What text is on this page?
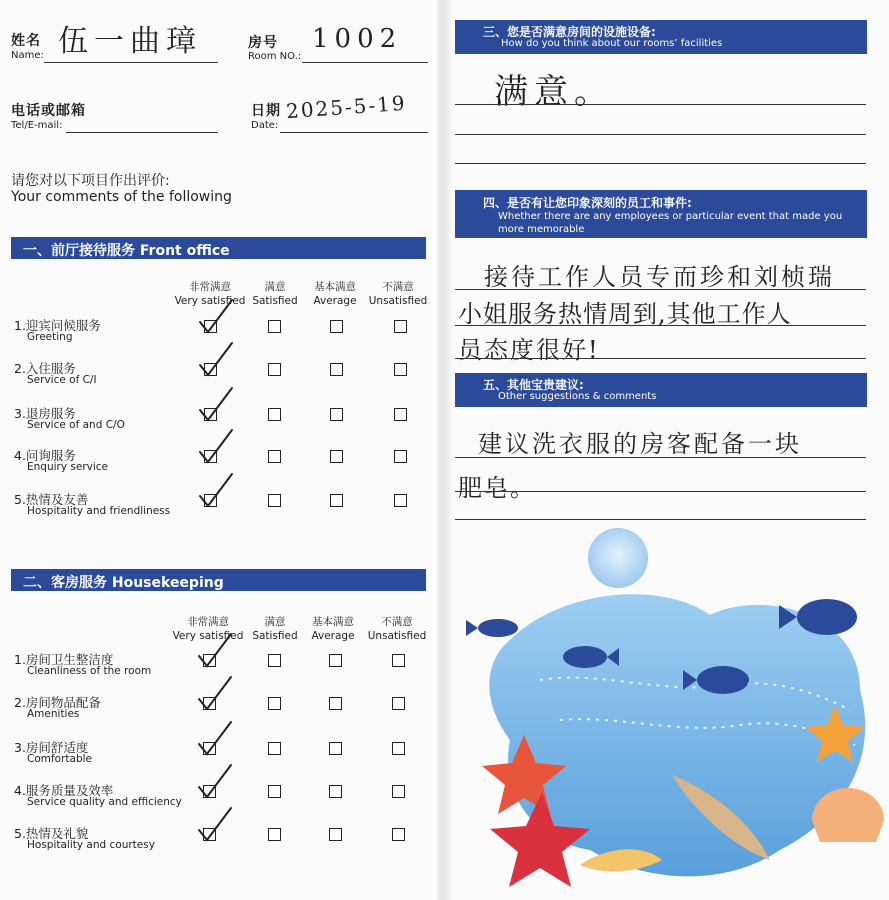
姓名
Name: 伍一曲璋	房号
Room NO.:
1002
电话或邮箱
Tel/E-mail:
日期
Date:
2025-5-19
请您对以下项目作出评价:
Your comments of the following
一、前厅接待服务 Front office
非常满意
Very satisfied
满意
Satisfied
基本满意
Average
不满意
Unsatisfied
1.迎宾问候服务
Greeting
2.入住服务
Service of C/I
3.退房服务
Service of and C/O
4.问询服务
Enquiry service
5.热情及友善
Hospitality and friendliness
二、客房服务 Housekeeping
非常满意
Very satisfied
满意
Satisfied
基本满意
Average
不满意
Unsatisfied
1.房间卫生整洁度
Cleanliness of the room
2.房间物品配备
Amenities
3.房间舒适度
Comfortable
4.服务质量及效率
Service quality and efficiency
5.热情及礼貌
Hospitality and courtesy
三、您是否满意房间的设施设备:
How do you think about our rooms’ facilities
满意。
四、是否有让您印象深刻的员工和事件:
Whether there are any employees or particular event that made you
more memorable
接待工作人员专而珍和刘桢瑞
小姐服务热情周到,其他工作人
员态度很好!
五、其他宝贵建议:
Other suggestions & comments
建议洗衣服的房客配备一块
肥皂。
